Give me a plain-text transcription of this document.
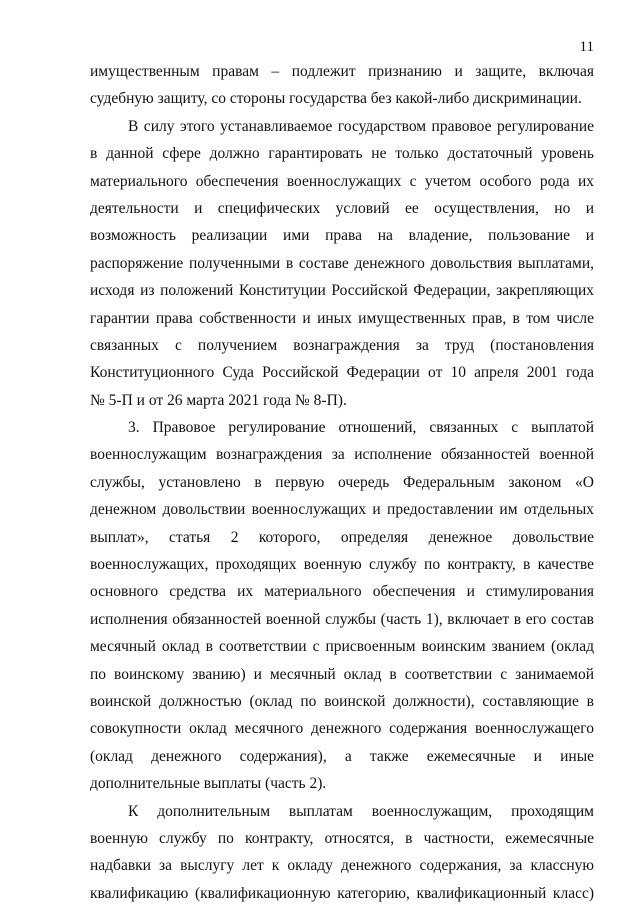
11
имущественным правам – подлежит признанию и защите, включая
судебную защиту, со стороны государства без какой-либо дискриминации.
В силу этого устанавливаемое государством правовое регулирование
в данной сфере должно гарантировать не только достаточный уровень
материального обеспечения военнослужащих с учетом особого рода их
деятельности и специфических условий ее осуществления, но и
возможность реализации ими права на владение, пользование и
распоряжение полученными в составе денежного довольствия выплатами,
исходя из положений Конституции Российской Федерации, закрепляющих
гарантии права собственности и иных имущественных прав, в том числе
связанных с получением вознаграждения за труд (постановления
Конституционного Суда Российской Федерации от 10 апреля 2001 года
№ 5-П и от 26 марта 2021 года № 8-П).
3. Правовое регулирование отношений, связанных с выплатой
военнослужащим вознаграждения за исполнение обязанностей военной
службы, установлено в первую очередь Федеральным законом «О
денежном довольствии военнослужащих и предоставлении им отдельных
выплат», статья 2 которого, определяя денежное довольствие
военнослужащих, проходящих военную службу по контракту, в качестве
основного средства их материального обеспечения и стимулирования
исполнения обязанностей военной службы (часть 1), включает в его состав
месячный оклад в соответствии с присвоенным воинским званием (оклад
по воинскому званию) и месячный оклад в соответствии с занимаемой
воинской должностью (оклад по воинской должности), составляющие в
совокупности оклад месячного денежного содержания военнослужащего
(оклад денежного содержания), а также ежемесячные и иные
дополнительные выплаты (часть 2).
К дополнительным выплатам военнослужащим, проходящим
военную службу по контракту, относятся, в частности, ежемесячные
надбавки за выслугу лет к окладу денежного содержания, за классную
квалификацию (квалификационную категорию, квалификационный класс)
